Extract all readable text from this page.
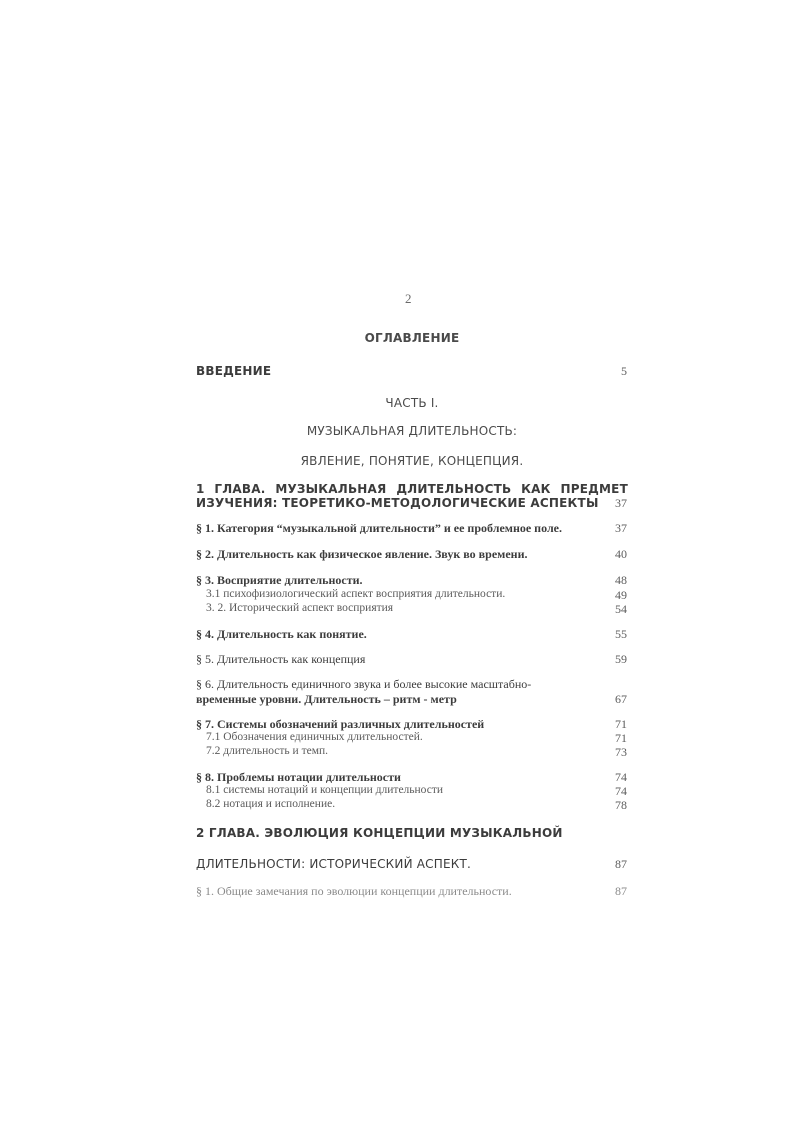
2
ОГЛАВЛЕНИЕ
ВВЕДЕНИЕ	5
ЧАСТЬ I.
МУЗЫКАЛЬНАЯ ДЛИТЕЛЬНОСТЬ:
ЯВЛЕНИЕ, ПОНЯТИЕ, КОНЦЕПЦИЯ.
1 ГЛАВА. МУЗЫКАЛЬНАЯ ДЛИТЕЛЬНОСТЬ КАК ПРЕДМЕТ
ИЗУЧЕНИЯ: ТЕОРЕТИКО-МЕТОДОЛОГИЧЕСКИЕ АСПЕКТЫ 37
§ 1. Категория “музыкальной длительности” и ее проблемное поле.	37
§ 2. Длительность как физическое явление. Звук во времени.	40
§ 3. Восприятие длительности.	48
3.1 психофизиологический аспект восприятия длительности.	49
3. 2. Исторический аспект восприятия	54
§ 4. Длительность как понятие.	55
§ 5. Длительность как концепция	59
§ 6. Длительность единичного звука и более высокие масштабно-
временные уровни. Длительность – ритм - метр	67
§ 7. Системы обозначений различных длительностей	71
7.1 Обозначения единичных длительностей.	71
7.2 длительность и темп.	73
§ 8. Проблемы нотации длительности	74
8.1 системы нотаций и концепции длительности	74
8.2 нотация и исполнение.	78
2 ГЛАВА. ЭВОЛЮЦИЯ КОНЦЕПЦИИ МУЗЫКАЛЬНОЙ
ДЛИТЕЛЬНОСТИ: ИСТОРИЧЕСКИЙ АСПЕКТ.	87
§ 1. Общие замечания по эволюции концепции длительности.	87
